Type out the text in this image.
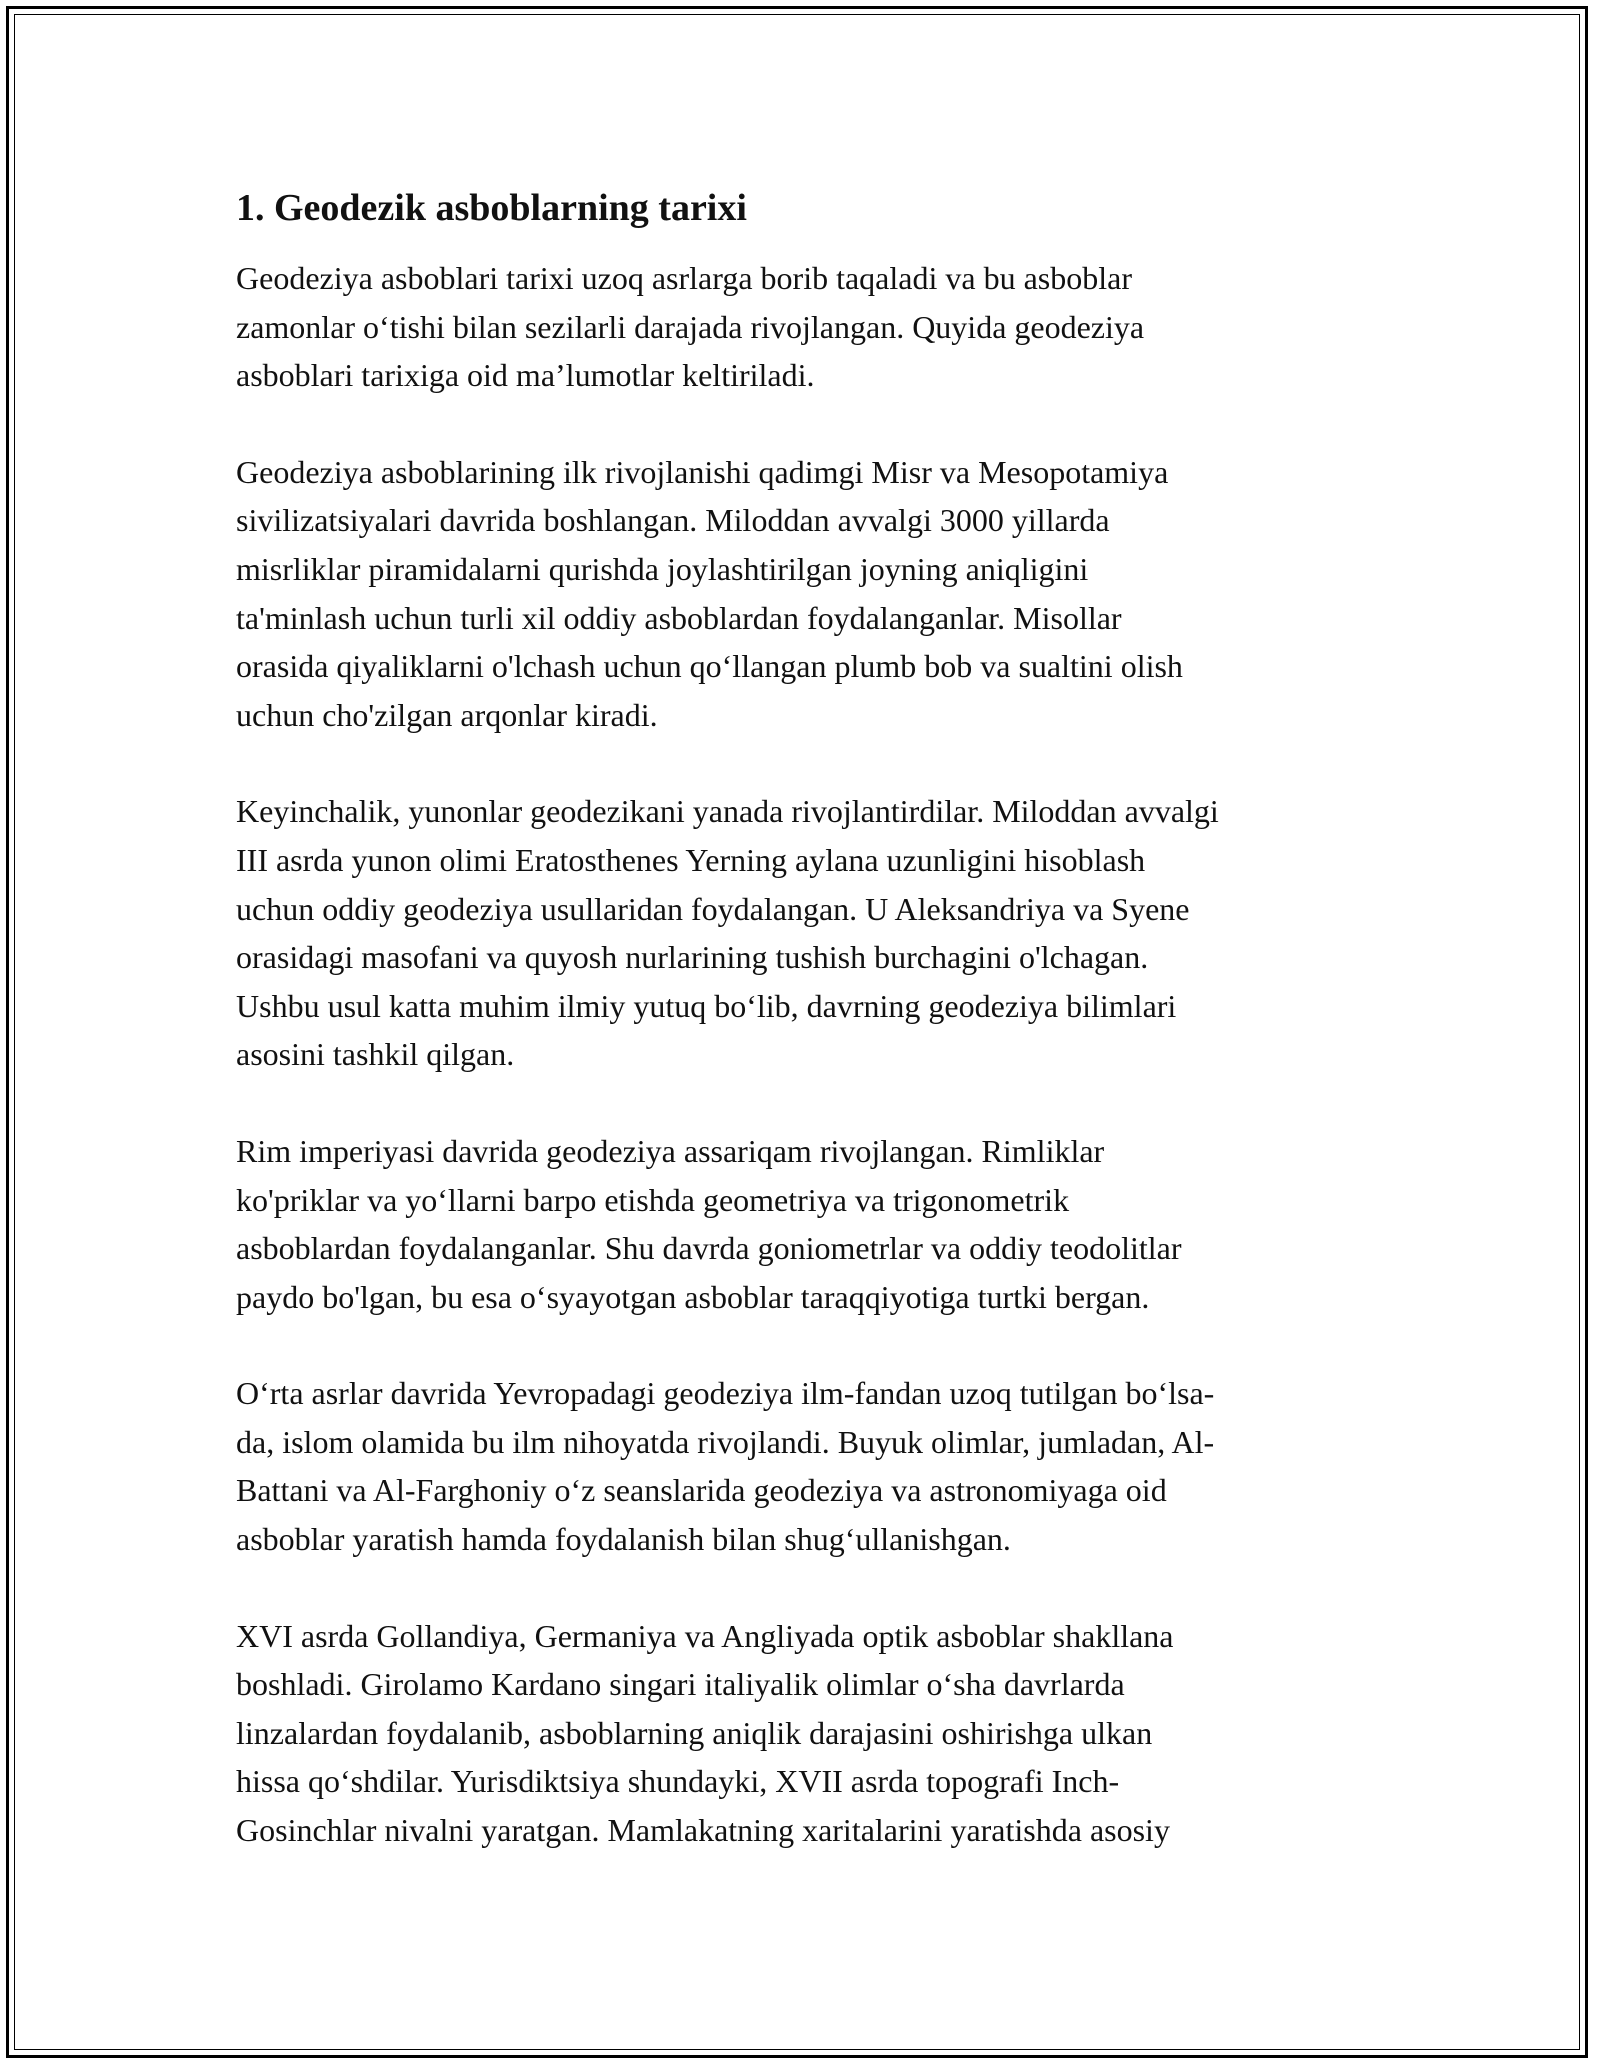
1. Geodezik asboblarning tarixi
Geodeziya asboblari tarixi uzoq asrlarga borib taqaladi va bu asboblar
zamonlar o‘tishi bilan sezilarli darajada rivojlangan. Quyida geodeziya
asboblari tarixiga oid ma’lumotlar keltiriladi.
Geodeziya asboblarining ilk rivojlanishi qadimgi Misr va Mesopotamiya
sivilizatsiyalari davrida boshlangan. Miloddan avvalgi 3000 yillarda
misrliklar piramidalarni qurishda joylashtirilgan joyning aniqligini
ta'minlash uchun turli xil oddiy asboblardan foydalanganlar. Misollar
orasida qiyaliklarni o'lchash uchun qo‘llangan plumb bob va sualtini olish
uchun cho'zilgan arqonlar kiradi.
Keyinchalik, yunonlar geodezikani yanada rivojlantirdilar. Miloddan avvalgi
III asrda yunon olimi Eratosthenes Yerning aylana uzunligini hisoblash
uchun oddiy geodeziya usullaridan foydalangan. U Aleksandriya va Syene
orasidagi masofani va quyosh nurlarining tushish burchagini o'lchagan.
Ushbu usul katta muhim ilmiy yutuq bo‘lib, davrning geodeziya bilimlari
asosini tashkil qilgan.
Rim imperiyasi davrida geodeziya assariqam rivojlangan. Rimliklar
ko'priklar va yo‘llarni barpo etishda geometriya va trigonometrik
asboblardan foydalanganlar. Shu davrda goniometrlar va oddiy teodolitlar
paydo bo'lgan, bu esa o‘syayotgan asboblar taraqqiyotiga turtki bergan.
O‘rta asrlar davrida Yevropadagi geodeziya ilm-fandan uzoq tutilgan bo‘lsa-
da, islom olamida bu ilm nihoyatda rivojlandi. Buyuk olimlar, jumladan, Al-
Battani va Al-Farghoniy o‘z seanslarida geodeziya va astronomiyaga oid
asboblar yaratish hamda foydalanish bilan shug‘ullanishgan.
XVI asrda Gollandiya, Germaniya va Angliyada optik asboblar shakllana
boshladi. Girolamo Kardano singari italiyalik olimlar o‘sha davrlarda
linzalardan foydalanib, asboblarning aniqlik darajasini oshirishga ulkan
hissa qo‘shdilar. Yurisdiktsiya shundayki, XVII asrda topografi Inch-
Gosinchlar nivalni yaratgan. Mamlakatning xaritalarini yaratishda asosiy
